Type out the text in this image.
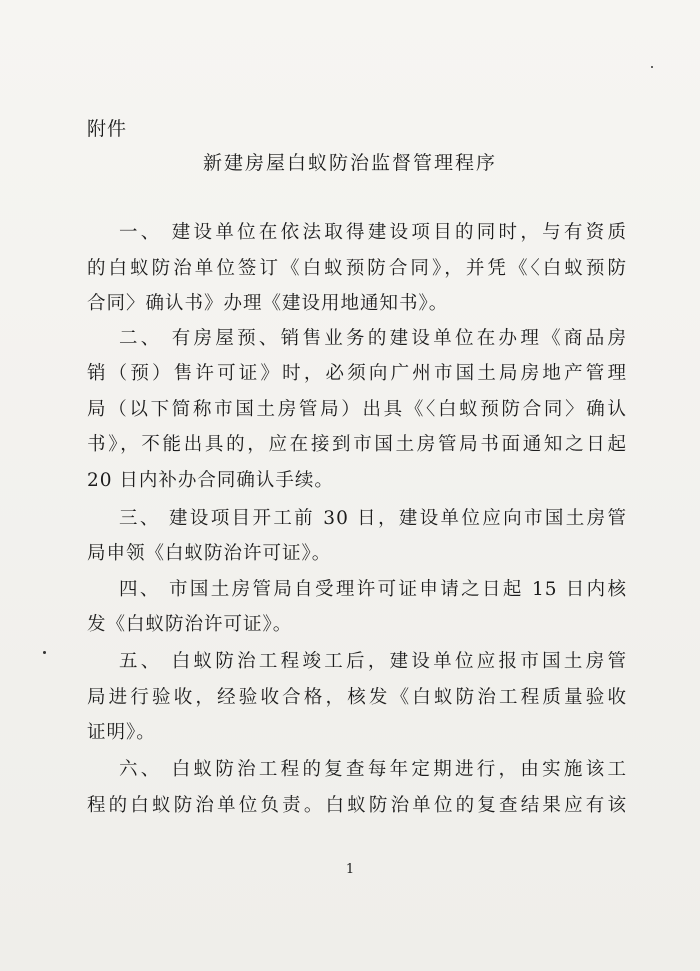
附件
新建房屋白蚁防治监督管理程序
一、 建设单位在依法取得建设项目的同时，与有资质
的白蚁防治单位签订《白蚁预防合同》，并凭《〈白蚁预防
合同〉确认书》办理《建设用地通知书》。
二、 有房屋预、销售业务的建设单位在办理《商品房
销（预）售许可证》时，必须向广州市国土局房地产管理
局（以下简称市国土房管局）出具《〈白蚁预防合同〉确认
书》，不能出具的，应在接到市国土房管局书面通知之日起
20 日内补办合同确认手续。
三、 建设项目开工前 30 日，建设单位应向市国土房管
局申领《白蚁防治许可证》。
四、 市国土房管局自受理许可证申请之日起 15 日内核
发《白蚁防治许可证》。
五、 白蚁防治工程竣工后，建设单位应报市国土房管
局进行验收，经验收合格，核发《白蚁防治工程质量验收
证明》。
六、 白蚁防治工程的复查每年定期进行，由实施该工
程的白蚁防治单位负责。白蚁防治单位的复查结果应有该
1
